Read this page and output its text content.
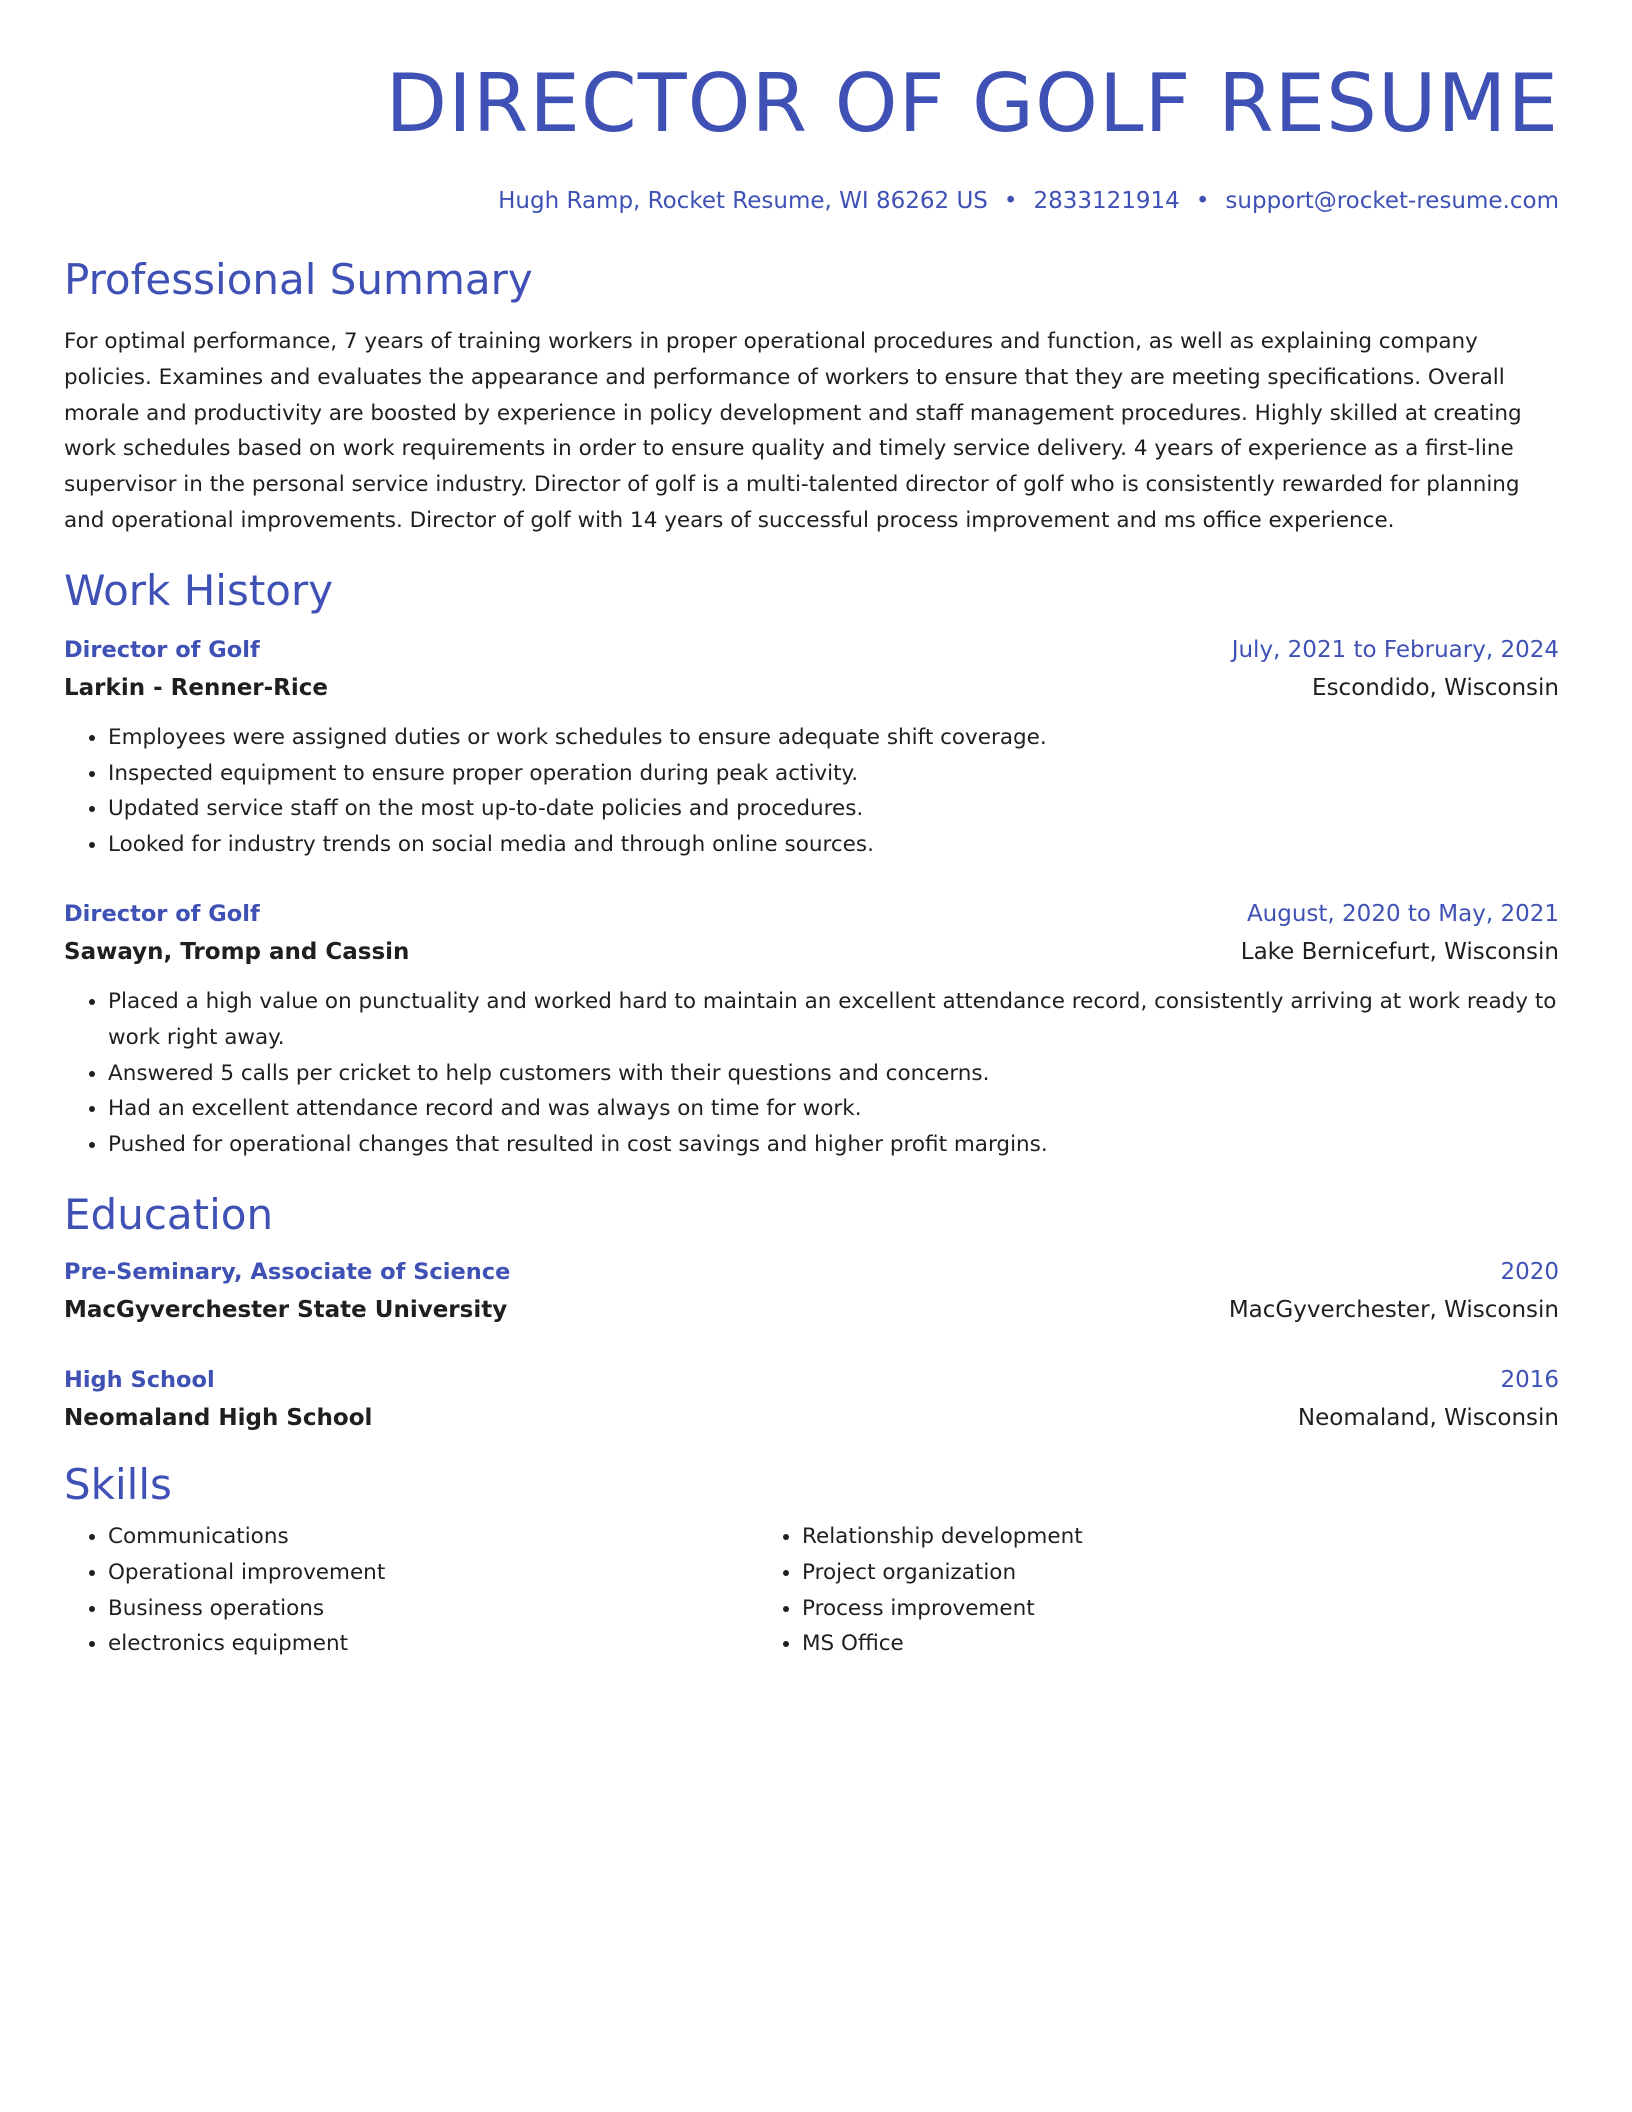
DIRECTOR OF GOLF RESUME
Hugh Ramp, Rocket Resume, WI 86262 US • 2833121914 • support@rocket-resume.com
Professional Summary

For optimal performance, 7 years of training workers in proper operational procedures and function, as well as explaining company policies. Examines and evaluates the appearance and performance of workers to ensure that they are meeting specifications. Overall morale and productivity are boosted by experience in policy development and staff management procedures. Highly skilled at creating work schedules based on work requirements in order to ensure quality and timely service delivery. 4 years of experience as a first-line supervisor in the personal service industry. Director of golf is a multi-talented director of golf who is consistently rewarded for planning and operational improvements. Director of golf with 14 years of successful process improvement and ms office experience.

Work History
Director of Golf	July, 2021 to February, 2024
Larkin - Renner-Rice	Escondido, Wisconsin
• Employees were assigned duties or work schedules to ensure adequate shift coverage.
• Inspected equipment to ensure proper operation during peak activity.
• Updated service staff on the most up-to-date policies and procedures.
• Looked for industry trends on social media and through online sources.
Director of Golf	August, 2020 to May, 2021
Sawayn, Tromp and Cassin	Lake Bernicefurt, Wisconsin
• Placed a high value on punctuality and worked hard to maintain an excellent attendance record, consistently arriving at work ready to work right away.
• Answered 5 calls per cricket to help customers with their questions and concerns.
• Had an excellent attendance record and was always on time for work.
• Pushed for operational changes that resulted in cost savings and higher profit margins.
Education
Pre-Seminary, Associate of Science	2020
MacGyverchester State University	MacGyverchester, Wisconsin
High School	2016
Neomaland High School	Neomaland, Wisconsin
Skills
• Communications
• Operational improvement
• Business operations
• electronics equipment
• Relationship development
• Project organization
• Process improvement
• MS Office
